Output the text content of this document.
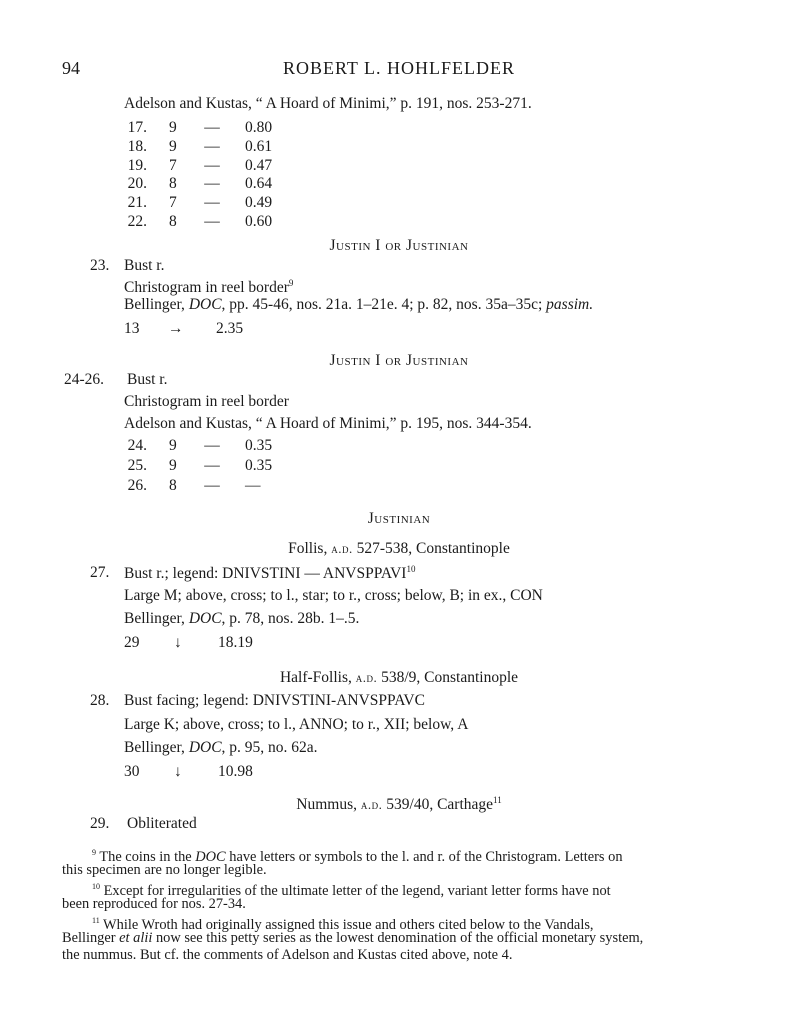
94	ROBERT L. HOHLFELDER
Adelson and Kustas, “ A Hoard of Minimi,” p. 191, nos. 253-271.
17. 9	—	0.80
18. 9	—	0.61
19. 7	—	0.47
20. 8	—	0.64
21. 7	—	0.49
22. 8	—	0.60
Justin I or Justinian
23. Bust r.
Christogram in reel border$^9$
Bellinger, DOC, pp. 45-46, nos. 21a. 1–21e. 4; p. 82, nos. 35a–35c; passim.
13 → 2.35
Justin I or Justinian
24-26. Bust r.
Christogram in reel border
Adelson and Kustas, “ A Hoard of Minimi,” p. 195, nos. 344-354.
24. 9	—	0.35
25. 9	—	0.35
26. 8	—	—
Justinian
Follis, a.d. 527-538, Constantinople
27. Bust r.; legend: DNIVSTINI — ANVSPPAVI$^{10}$
Large M; above, cross; to l., star; to r., cross; below, B; in ex., CON
Bellinger, DOC, p. 78, nos. 28b. 1–.5.
29 ↓ 18.19
Half-Follis, a.d. 538/9, Constantinople
28. Bust facing; legend: DNIVSTINI-ANVSPPAVC
Large K; above, cross; to l., ANNO; to r., XII; below, A
Bellinger, DOC, p. 95, no. 62a.
30 ↓ 10.98
Nummus, a.d. 539/40, Carthage$^{11}$
29. Obliterated
$^9$ The coins in the DOC have letters or symbols to the l. and r. of the Christogram. Letters on
this specimen are no longer legible.
$^{10}$ Except for irregularities of the ultimate letter of the legend, variant letter forms have not
been reproduced for nos. 27-34.
$^{11}$ While Wroth had originally assigned this issue and others cited below to the Vandals,
Bellinger et alii now see this petty series as the lowest denomination of the official monetary system,
the nummus. But cf. the comments of Adelson and Kustas cited above, note 4.
